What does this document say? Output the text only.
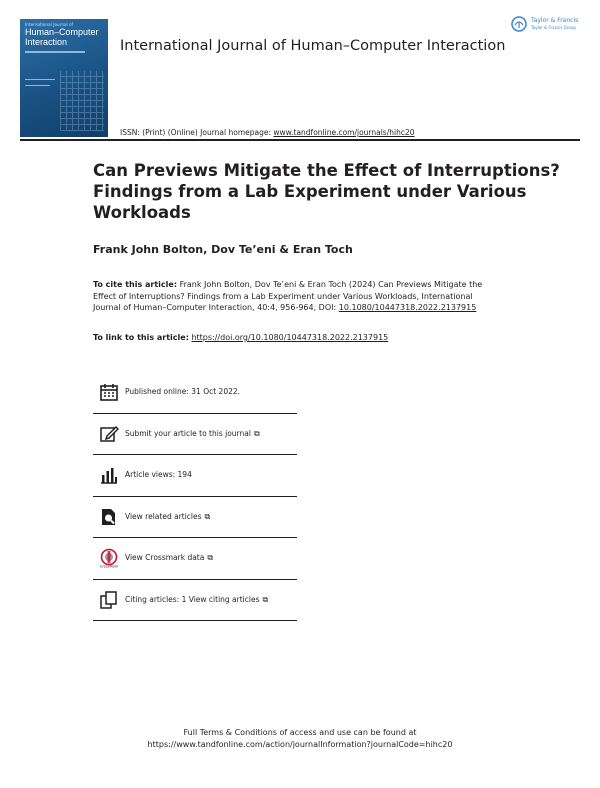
International Journal of
Human–Computer Interaction	International Journal of Human–Computer Interaction
Taylor & Francis
Taylor & Francis Group
ISSN: (Print) (Online) Journal homepage: www.tandfonline.com/journals/hihc20
Can Previews Mitigate the Effect of Interruptions? Findings from a Lab Experiment under Various Workloads
Frank John Bolton, Dov Te’eni & Eran Toch
To cite this article: Frank John Bolton, Dov Te’eni & Eran Toch (2024) Can Previews Mitigate the Effect of Interruptions? Findings from a Lab Experiment under Various Workloads, International Journal of Human–Computer Interaction, 40:4, 956-964, DOI: 10.1080/10447318.2022.2137915
To link to this article: https://doi.org/10.1080/10447318.2022.2137915
Published online: 31 Oct 2022.
Submit your article to this journal ⧉
Article views: 194
View related articles ⧉
CrossMark
View Crossmark data ⧉
Citing articles: 1 View citing articles ⧉
Full Terms & Conditions of access and use can be found at
https://www.tandfonline.com/action/journalInformation?journalCode=hihc20
